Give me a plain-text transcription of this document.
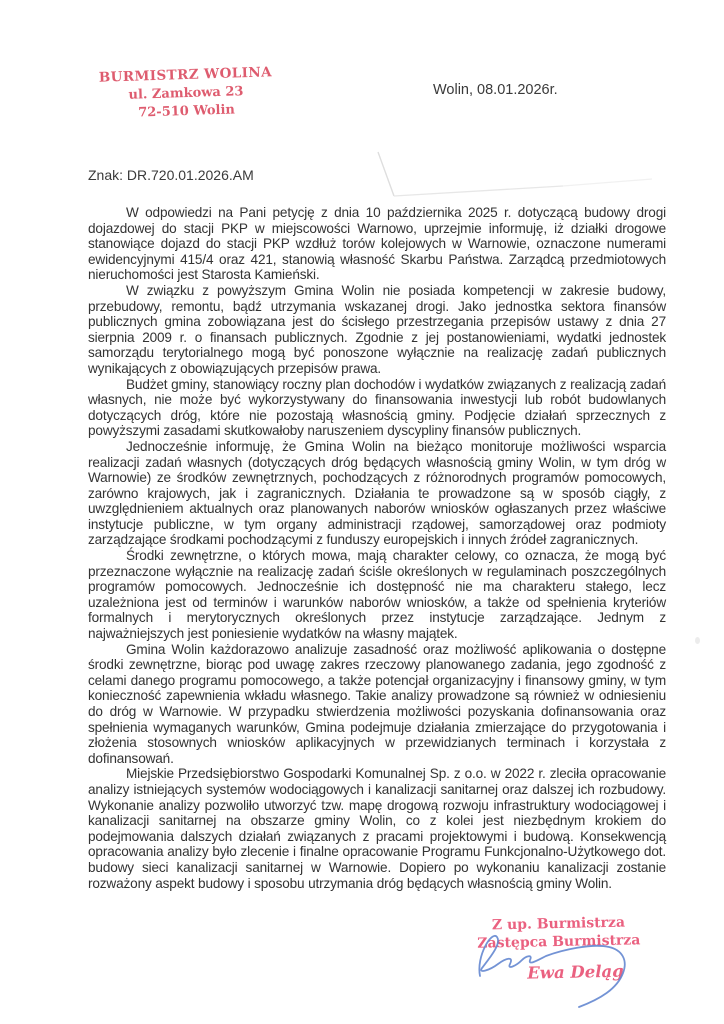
BURMISTRZ WOLINA
ul. Zamkowa 23
72-510 Wolin
Wolin, 08.01.2026r.
Znak: DR.720.01.2026.AM

W odpowiedzi na Pani petycję z dnia 10 października 2025 r. dotyczącą budowy drogi dojazdowej do stacji PKP w miejscowości Warnowo, uprzejmie informuję, iż działki drogowe stanowiące dojazd do stacji PKP wzdłuż torów kolejowych w Warnowie, oznaczone numerami ewidencyjnymi 415/4 oraz 421, stanowią własność Skarbu Państwa. Zarządcą przedmiotowych nieruchomości jest Starosta Kamieński.

W związku z powyższym Gmina Wolin nie posiada kompetencji w zakresie budowy, przebudowy, remontu, bądź utrzymania wskazanej drogi. Jako jednostka sektora finansów publicznych gmina zobowiązana jest do ścisłego przestrzegania przepisów ustawy z dnia 27 sierpnia 2009 r. o finansach publicznych. Zgodnie z jej postanowieniami, wydatki jednostek samorządu terytorialnego mogą być ponoszone wyłącznie na realizację zadań publicznych wynikających z obowiązujących przepisów prawa.

Budżet gminy, stanowiący roczny plan dochodów i wydatków związanych z realizacją zadań własnych, nie może być wykorzystywany do finansowania inwestycji lub robót budowlanych dotyczących dróg, które nie pozostają własnością gminy. Podjęcie działań sprzecznych z powyższymi zasadami skutkowałoby naruszeniem dyscypliny finansów publicznych.

Jednocześnie informuję, że Gmina Wolin na bieżąco monitoruje możliwości wsparcia realizacji zadań własnych (dotyczących dróg będących własnością gminy Wolin, w tym dróg w Warnowie) ze środków zewnętrznych, pochodzących z różnorodnych programów pomocowych, zarówno krajowych, jak i zagranicznych. Działania te prowadzone są w sposób ciągły, z uwzględnieniem aktualnych oraz planowanych naborów wniosków ogłaszanych przez właściwe instytucje publiczne, w tym organy administracji rządowej, samorządowej oraz podmioty zarządzające środkami pochodzącymi z funduszy europejskich i innych źródeł zagranicznych.

Środki zewnętrzne, o których mowa, mają charakter celowy, co oznacza, że mogą być przeznaczone wyłącznie na realizację zadań ściśle określonych w regulaminach poszczególnych programów pomocowych. Jednocześnie ich dostępność nie ma charakteru stałego, lecz uzależniona jest od terminów i warunków naborów wniosków, a także od spełnienia kryteriów formalnych i merytorycznych określonych przez instytucje zarządzające. Jednym z najważniejszych jest poniesienie wydatków na własny majątek.

Gmina Wolin każdorazowo analizuje zasadność oraz możliwość aplikowania o dostępne środki zewnętrzne, biorąc pod uwagę zakres rzeczowy planowanego zadania, jego zgodność z celami danego programu pomocowego, a także potencjał organizacyjny i finansowy gminy, w tym konieczność zapewnienia wkładu własnego. Takie analizy prowadzone są również w odniesieniu do dróg w Warnowie. W przypadku stwierdzenia możliwości pozyskania dofinansowania oraz spełnienia wymaganych warunków, Gmina podejmuje działania zmierzające do przygotowania i złożenia stosownych wniosków aplikacyjnych w przewidzianych terminach i korzystała z dofinansowań.

Miejskie Przedsiębiorstwo Gospodarki Komunalnej Sp. z o.o. w 2022 r. zleciła opracowanie analizy istniejących systemów wodociągowych i kanalizacji sanitarnej oraz dalszej ich rozbudowy. Wykonanie analizy pozwoliło utworzyć tzw. mapę drogową rozwoju infrastruktury wodociągowej i kanalizacji sanitarnej na obszarze gminy Wolin, co z kolei jest niezbędnym krokiem do podejmowania dalszych działań związanych z pracami projektowymi i budową. Konsekwencją opracowania analizy było zlecenie i finalne opracowanie Programu Funkcjonalno-Użytkowego dot. budowy sieci kanalizacji sanitarnej w Warnowie. Dopiero po wykonaniu kanalizacji zostanie rozważony aspekt budowy i sposobu utrzymania dróg będących własnością gminy Wolin.

Z up. Burmistrza
Zastępca Burmistrza
Ewa Deląg
